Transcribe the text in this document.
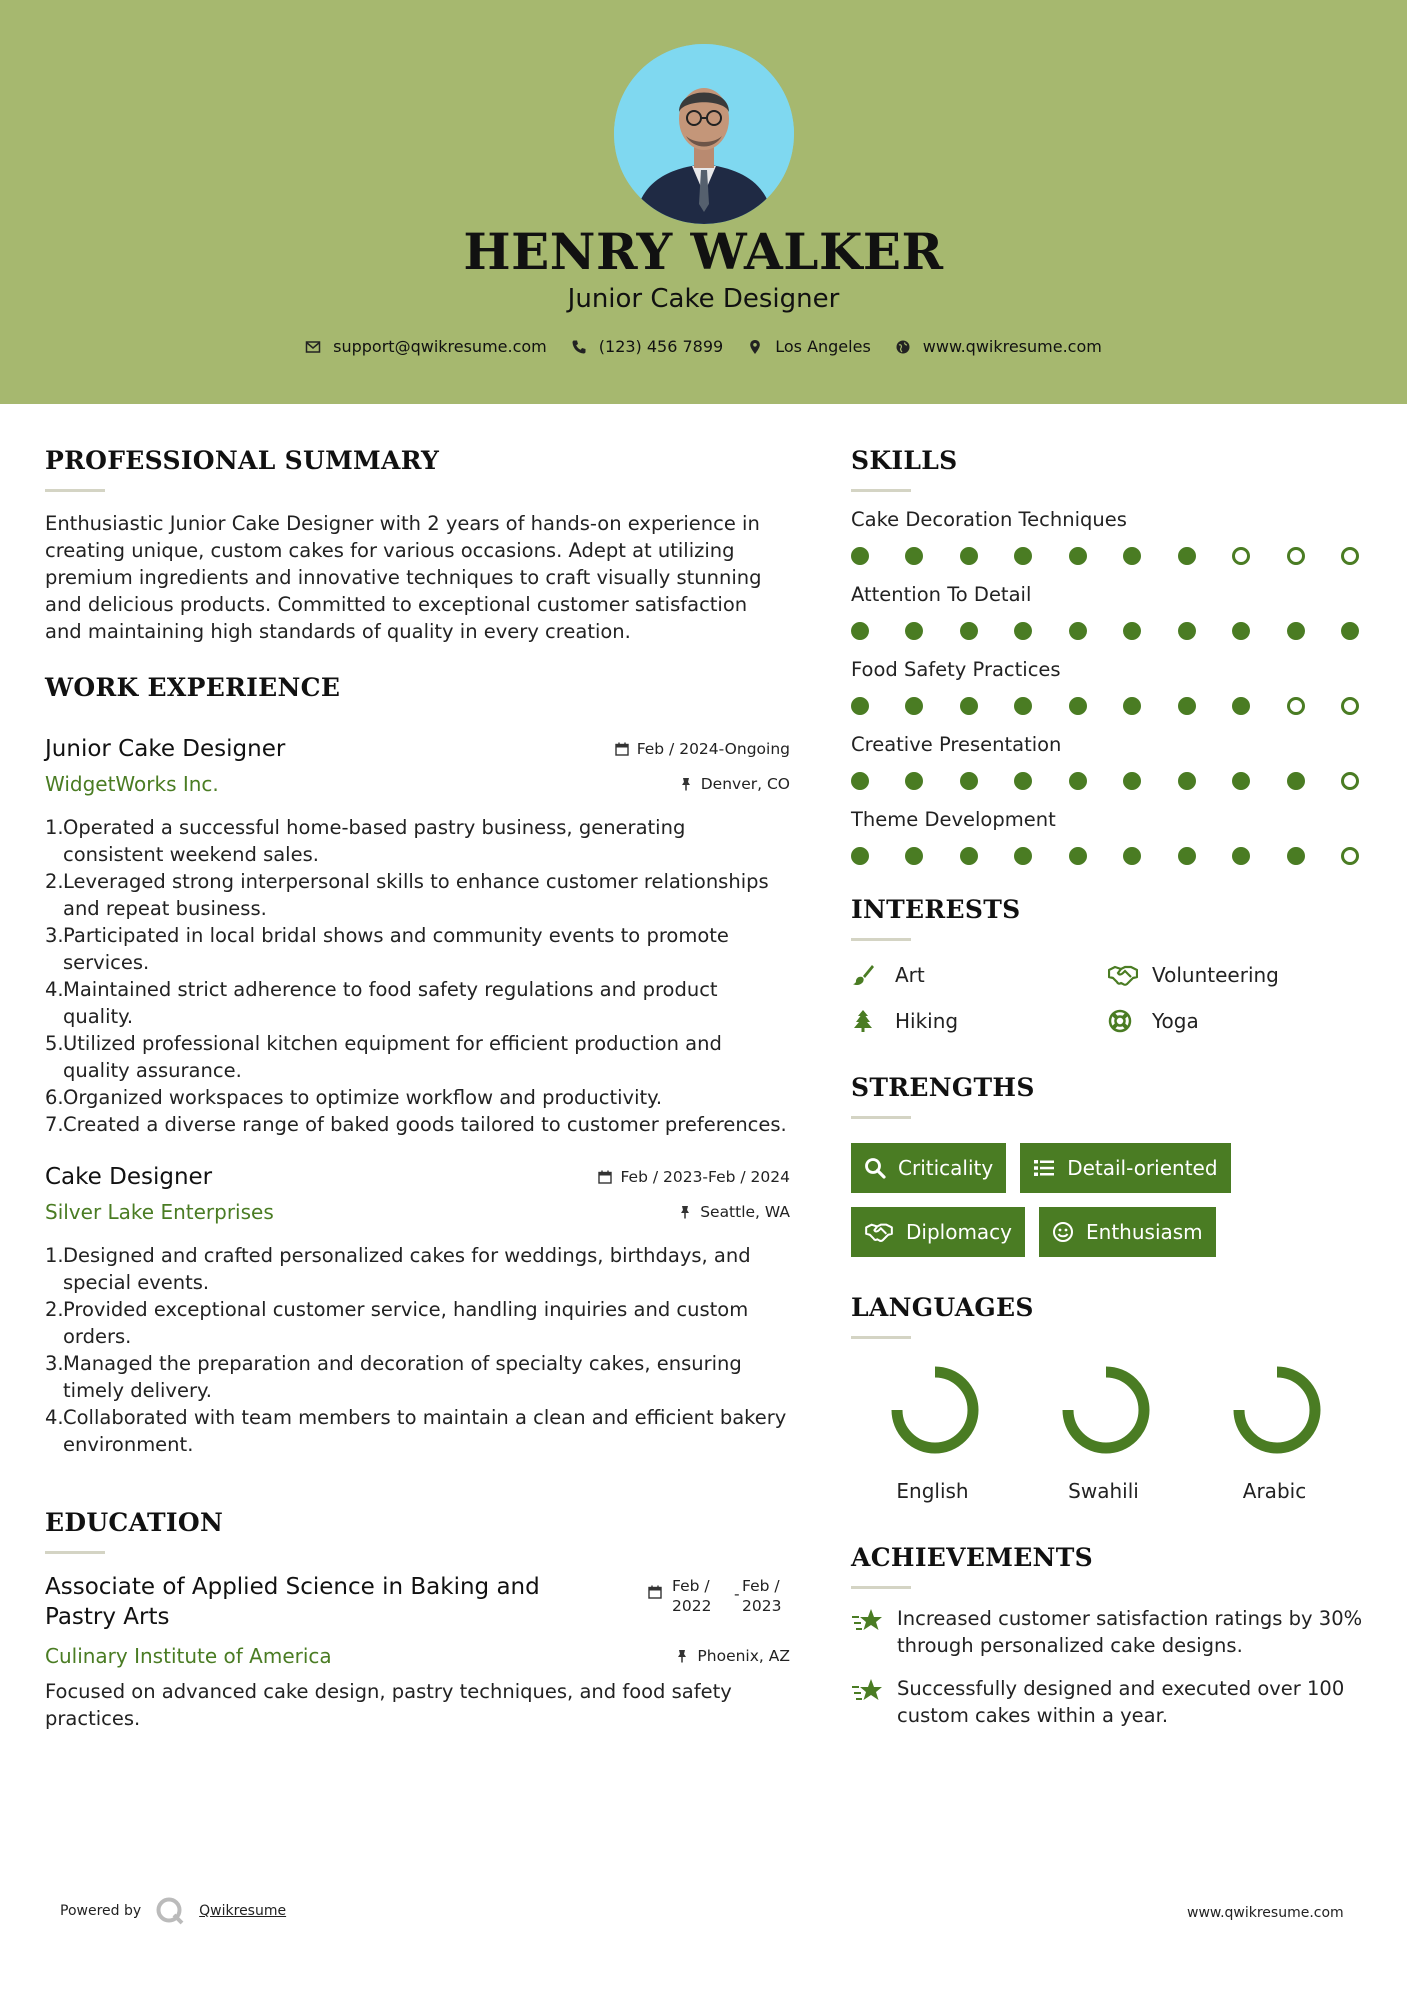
HENRY WALKER
Junior Cake Designer
support@qwikresume.com	(123) 456 7899	Los Angeles	www.qwikresume.com
PROFESSIONAL SUMMARY
Enthusiastic Junior Cake Designer with 2 years of hands-on experience in creating unique, custom cakes for various occasions. Adept at utilizing premium ingredients and innovative techniques to craft visually stunning and delicious products. Committed to exceptional customer satisfaction and maintaining high standards of quality in every creation.
WORK EXPERIENCE
Junior Cake Designer	Feb / 2024-Ongoing
WidgetWorks Inc.	Denver, CO
1. Operated a successful home-based pastry business, generating consistent weekend sales.
2. Leveraged strong interpersonal skills to enhance customer relationships and repeat business.
3. Participated in local bridal shows and community events to promote services.
4. Maintained strict adherence to food safety regulations and product quality.
5. Utilized professional kitchen equipment for efficient production and quality assurance.
6. Organized workspaces to optimize workflow and productivity.
7. Created a diverse range of baked goods tailored to customer preferences.
Cake Designer	Feb / 2023-Feb / 2024
Silver Lake Enterprises	Seattle, WA
1. Designed and crafted personalized cakes for weddings, birthdays, and special events.
2. Provided exceptional customer service, handling inquiries and custom orders.
3. Managed the preparation and decoration of specialty cakes, ensuring timely delivery.
4. Collaborated with team members to maintain a clean and efficient bakery environment.
EDUCATION
Associate of Applied Science in Baking and Pastry Arts
Feb /
2022
- Feb /
2023
Culinary Institute of America	Phoenix, AZ
Focused on advanced cake design, pastry techniques, and food safety practices.
SKILLS
Cake Decoration Techniques
Attention To Detail
Food Safety Practices
Creative Presentation
Theme Development
INTERESTS
Art	Volunteering
Hiking	Yoga
STRENGTHS
Criticality	Detail-oriented
Diplomacy	Enthusiasm
LANGUAGES
English	Swahili	Arabic
ACHIEVEMENTS
Increased customer satisfaction ratings by 30% through personalized cake designs.
Successfully designed and executed over 100 custom cakes within a year.
Powered by	Qwikresume	www.qwikresume.com
